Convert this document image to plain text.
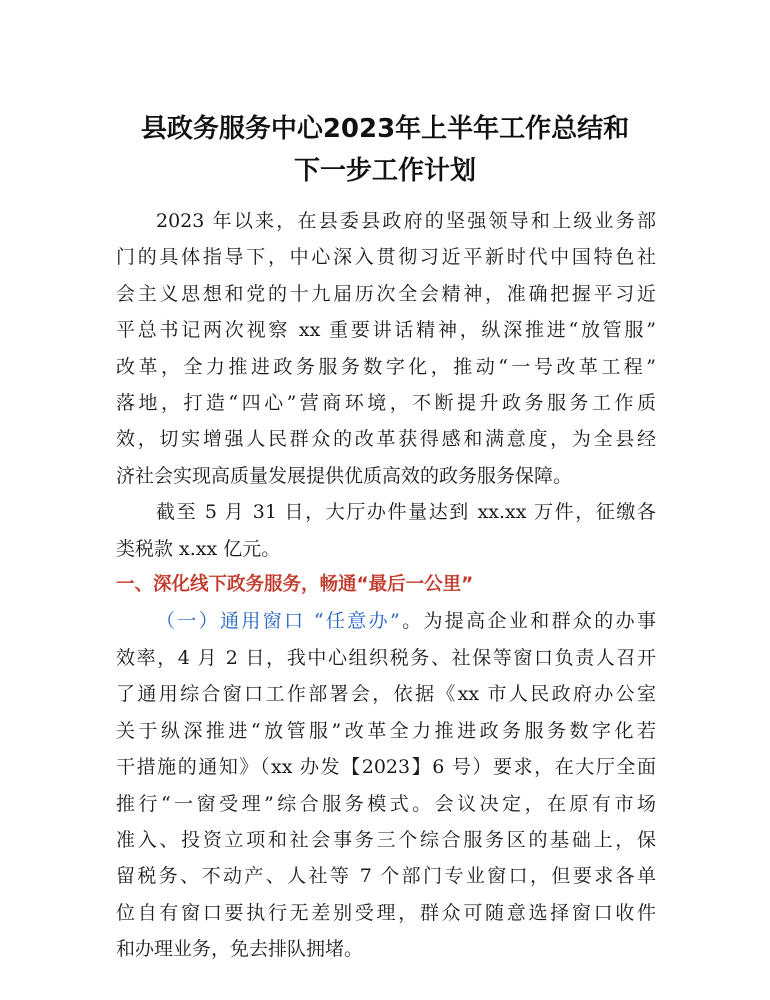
县政务服务中心2023年上半年工作总结和
下一步工作计划

2023 年以来，在县委县政府的坚强领导和上级业务部
门的具体指导下，中心深入贯彻习近平新时代中国特色社
会主义思想和党的十九届历次全会精神，准确把握平习近
平总书记两次视察 xx 重要讲话精神，纵深推进“放管服”
改革，全力推进政务服务数字化，推动“一号改革工程”
落地，打造“四心”营商环境，不断提升政务服务工作质
效，切实增强人民群众的改革获得感和满意度，为全县经
济社会实现高质量发展提供优质高效的政务服务保障。

截至 5 月 31 日，大厅办件量达到 xx.xx 万件，征缴各
类税款 x.xx 亿元。

一、深化线下政务服务，畅通“最后一公里”

（一）通用窗口 “任意办”。为提高企业和群众的办事
效率，4 月 2 日，我中心组织税务、社保等窗口负责人召开
了通用综合窗口工作部署会，依据《xx 市人民政府办公室
关于纵深推进“放管服”改革全力推进政务服务数字化若
干措施的通知》（xx 办发【2023】6 号）要求，在大厅全面
推行“一窗受理”综合服务模式。会议决定，在原有市场
准入、投资立项和社会事务三个综合服务区的基础上，保
留税务、不动产、人社等 7 个部门专业窗口，但要求各单
位自有窗口要执行无差别受理，群众可随意选择窗口收件
和办理业务，免去排队拥堵。
